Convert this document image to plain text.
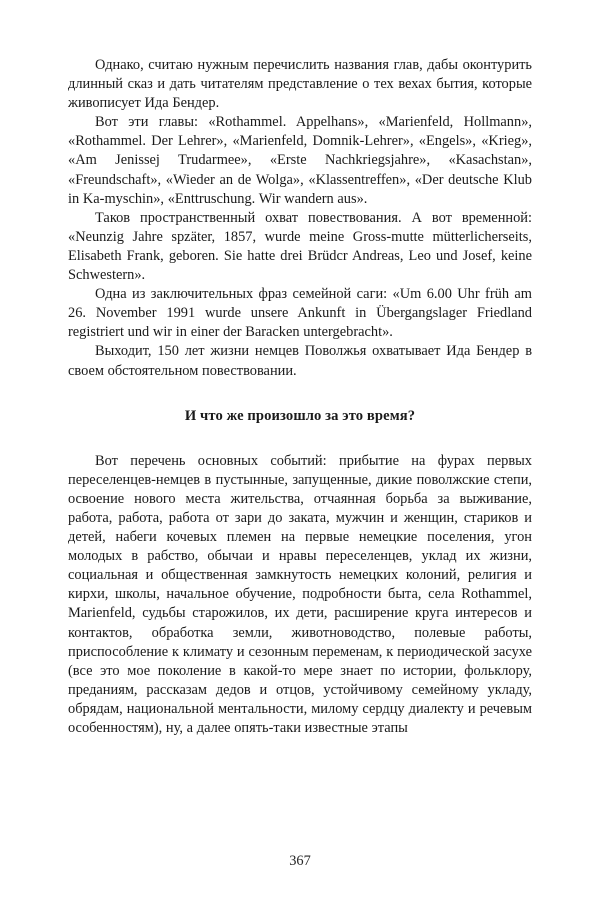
Однако, считаю нужным перечислить названия глав, дабы оконтурить длинный сказ и дать читателям представление о тех вехах бытия, которые живописует Ида Бендер.

Вот эти главы: «Rothammel. Appelhans», «Marienfeld, Hollmann», «Rothammel. Der Lehrer», «Marienfeld, Domnik-Lehrer», «Engels», «Krieg», «Am Jenissej Trudarmee», «Erste Nachkriegsjahre», «Kasachstan», «Freundschaft», «Wieder an de Wolga», «Klassentreffen», «Der deutsche Klub in Ka-myschin», «Enttruschung. Wir wandern aus».

Таков пространственный охват повествования. А вот временной: «Neunzig Jahre spzäter, 1857, wurde meine Gross-mutte mütterlicherseits, Elisabeth Frank, geboren. Sie hatte drei Brüdcr Andreas, Leo und Josef, keine Schwestern».

Одна из заключительных фраз семейной саги: «Um 6.00 Uhr früh am 26. November 1991 wurde unsere Ankunft in Übergangslager Friedland registriert und wir in einer der Baracken untergebracht».

Выходит, 150 лет жизни немцев Поволжья охватывает Ида Бендер в своем обстоятельном повествовании.

И что же произошло за это время?

Вот перечень основных событий: прибытие на фурах первых переселенцев-немцев в пустынные, запущенные, дикие поволжские степи, освоение нового места жительства, отчаянная борьба за выживание, работа, работа, работа от зари до заката, мужчин и женщин, стариков и детей, набеги кочевых племен на первые немецкие поселения, угон молодых в рабство, обычаи и нравы переселенцев, уклад их жизни, социальная и общественная замкнутость немецких колоний, религия и кирхи, школы, начальное обучение, подробности быта, села Rothammel, Marienfeld, судьбы старожилов, их дети, расширение круга интересов и контактов, обработка земли, животноводство, полевые работы, приспособление к климату и сезонным переменам, к периодической засухе (все это мое поколение в какой-то мере знает по истории, фольклору, преданиям, рассказам дедов и отцов, устойчивому семейному укладу, обрядам, национальной ментальности, милому сердцу диалекту и речевым особенностям), ну, а далее опять-таки известные этапы

367
